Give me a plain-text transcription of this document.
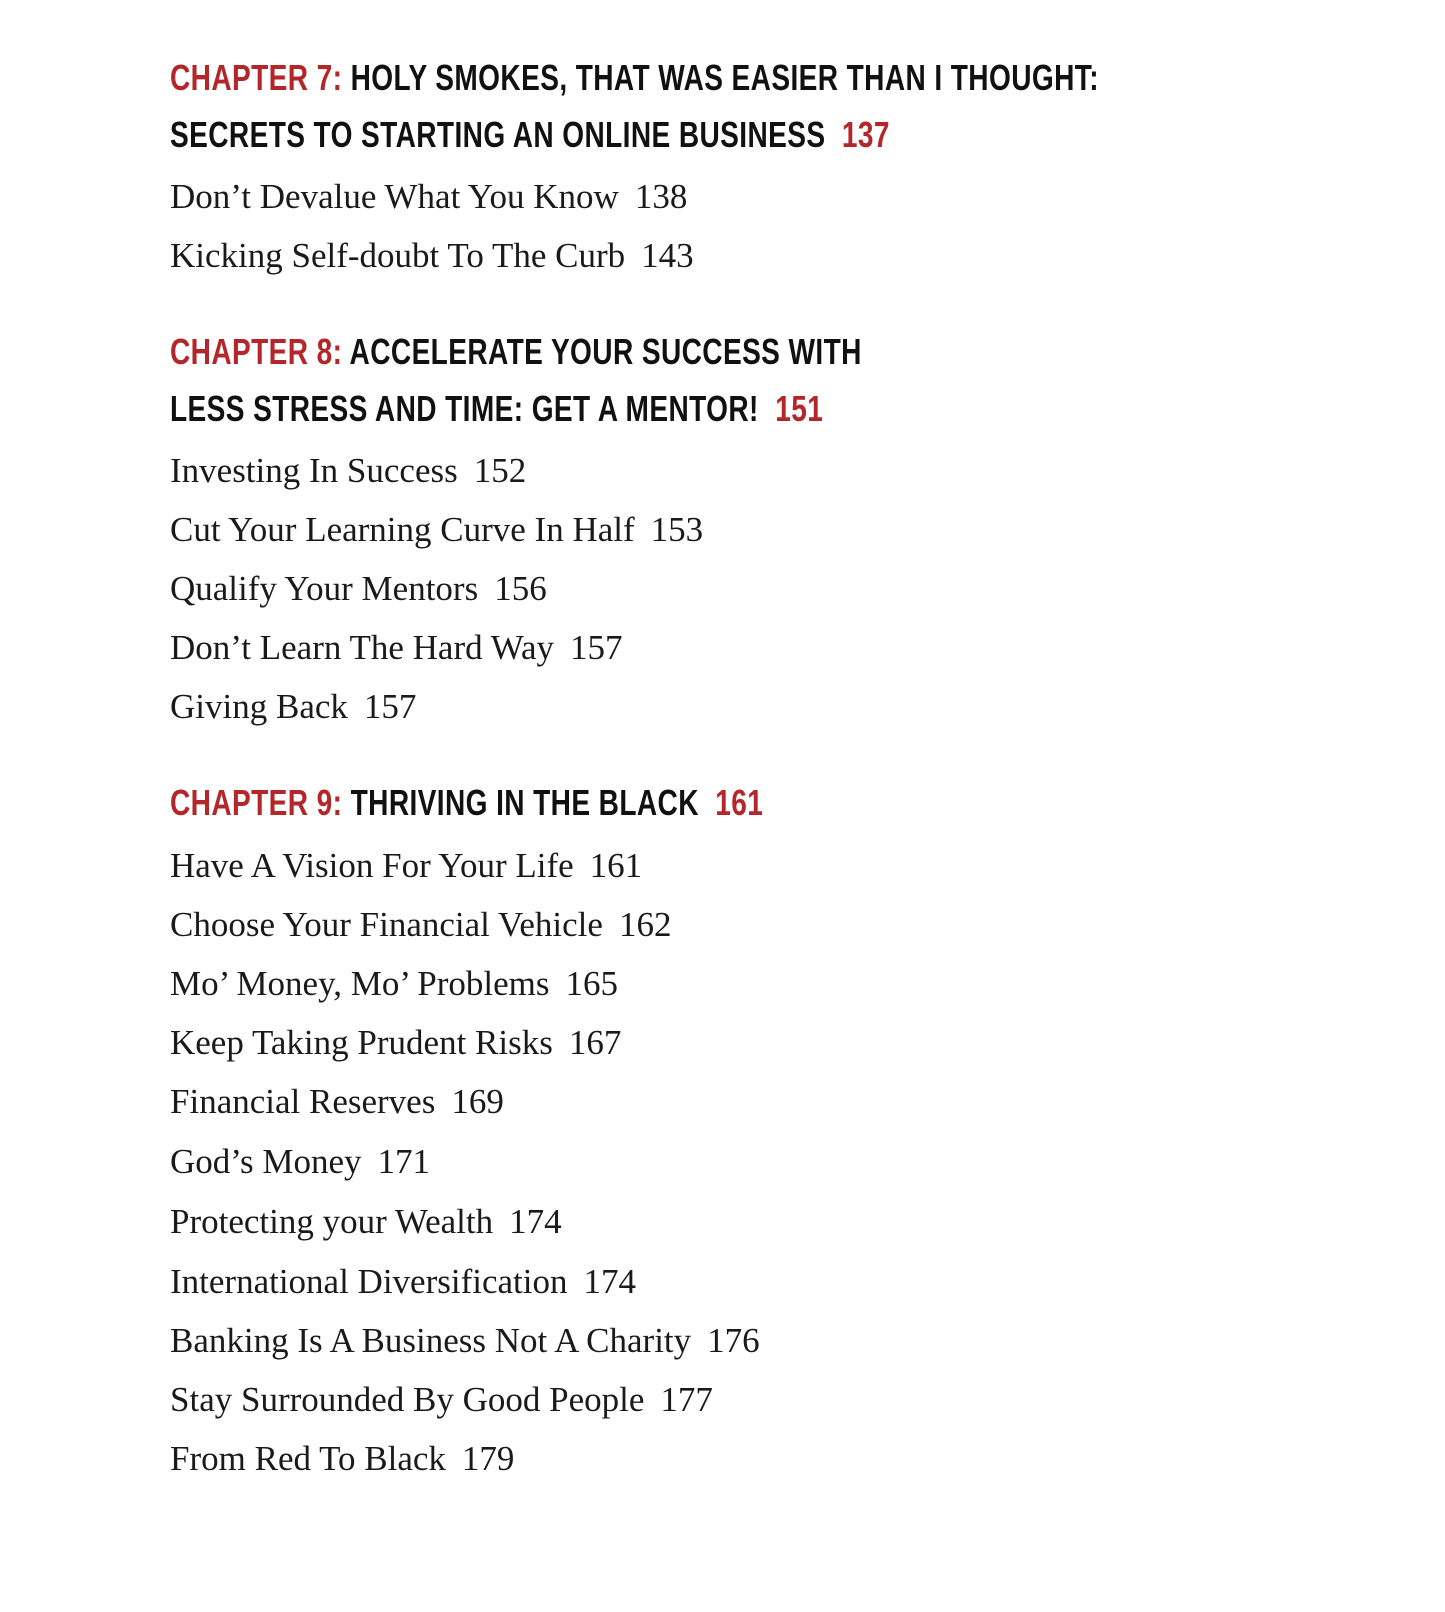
CHAPTER 7: HOLY SMOKES, THAT WAS EASIER THAN I THOUGHT:
SECRETS TO STARTING AN ONLINE BUSINESS 137
Don’t Devalue What You Know 138
Kicking Self-doubt To The Curb 143
CHAPTER 8: ACCELERATE YOUR SUCCESS WITH
LESS STRESS AND TIME: GET A MENTOR! 151
Investing In Success 152
Cut Your Learning Curve In Half 153
Qualify Your Mentors 156
Don’t Learn The Hard Way 157
Giving Back 157
CHAPTER 9: THRIVING IN THE BLACK 161
Have A Vision For Your Life 161
Choose Your Financial Vehicle 162
Mo’ Money, Mo’ Problems 165
Keep Taking Prudent Risks 167
Financial Reserves 169
God’s Money 171
Protecting your Wealth 174
International Diversification 174
Banking Is A Business Not A Charity 176
Stay Surrounded By Good People 177
From Red To Black 179
